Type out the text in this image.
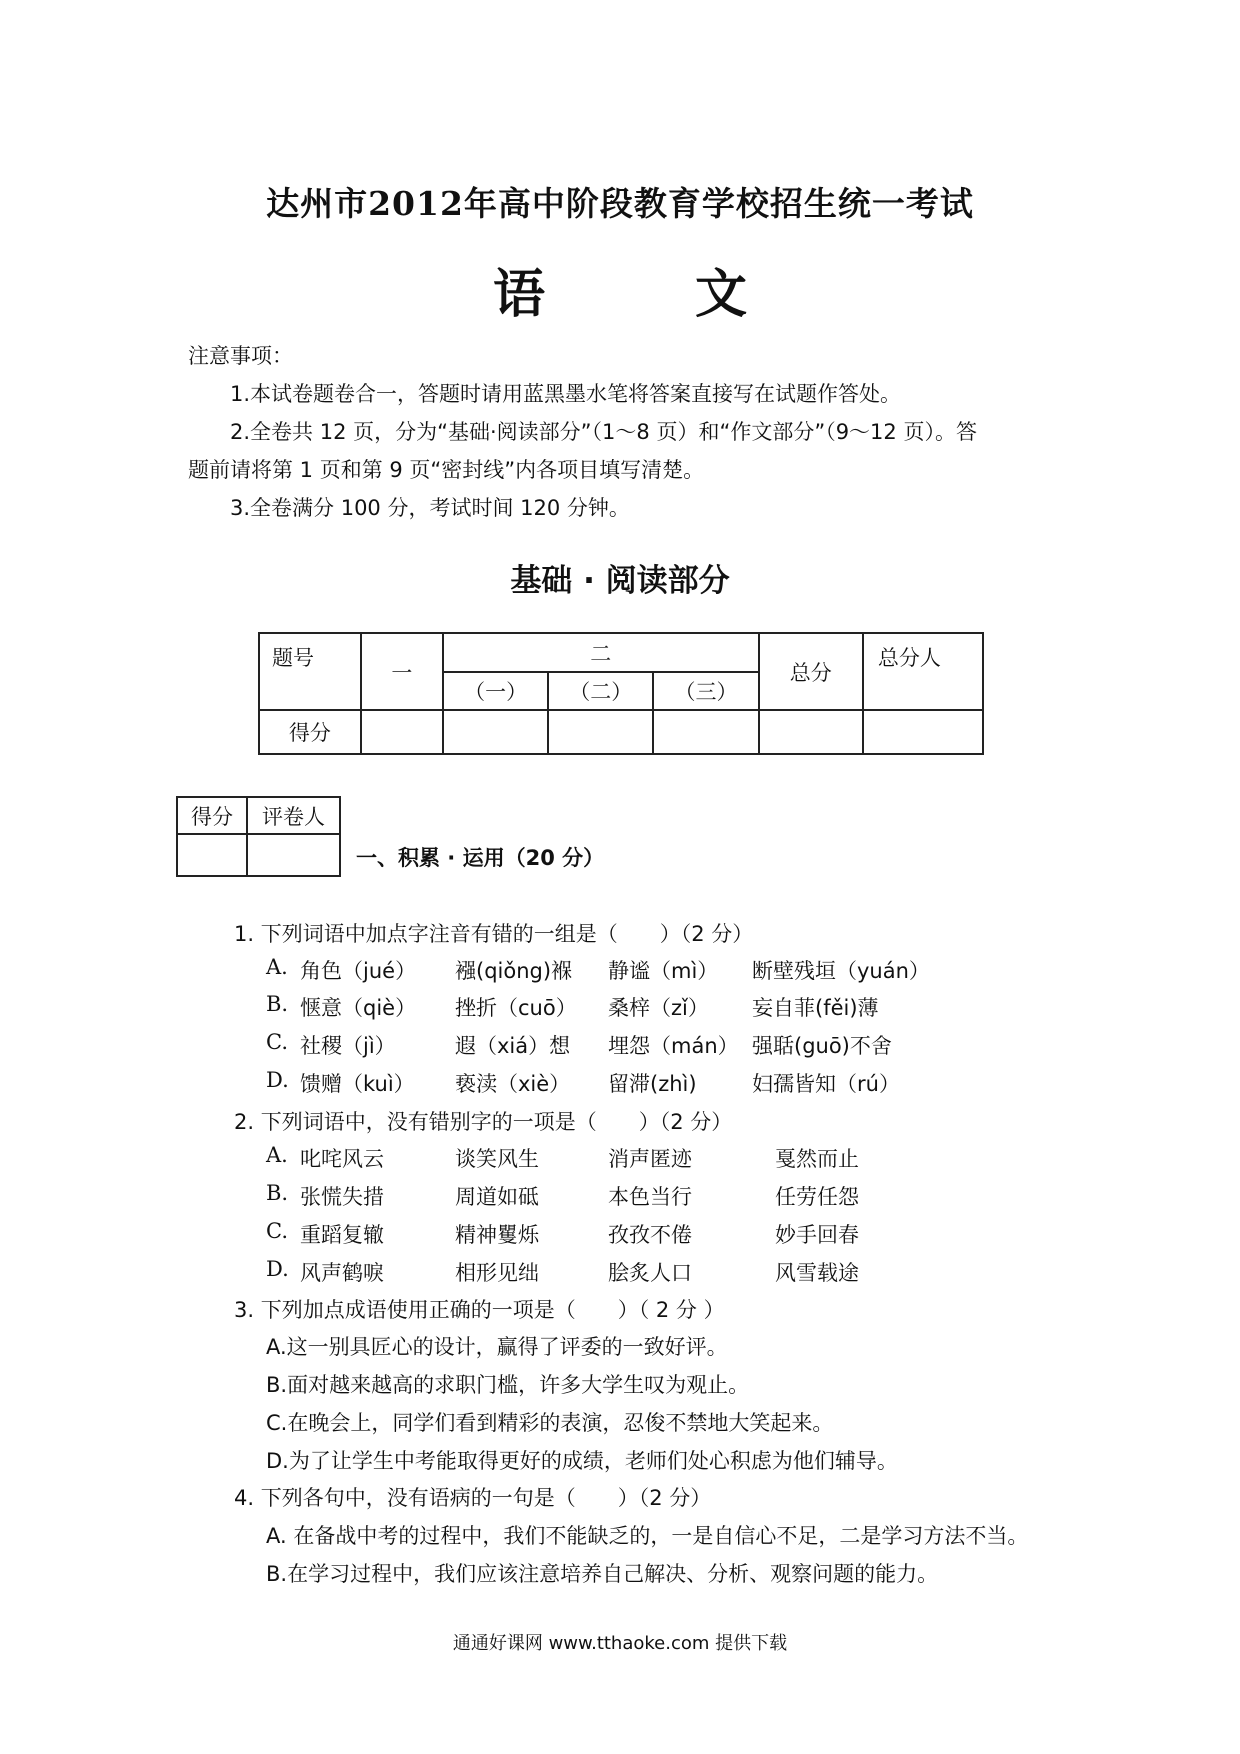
达州市2012年高中阶段教育学校招生统一考试
语	文
注意事项：
1.本试卷题卷合一，答题时请用蓝黑墨水笔将答案直接写在试题作答处。
2.全卷共 12 页，分为“基础·阅读部分”（1～8 页）和“作文部分”（9～12 页）。答
题前请将第 1 页和第 9 页“密封线”内各项目填写清楚。
3.全卷满分 100 分，考试时间 120 分钟。
基础 · 阅读部分
题号	一	二			总分	总分人
		（一）	（二）	（三）		
得分						
得分	评卷人

一、积累 · 运用（20 分）
1. 下列词语中加点字注音有错的一组是（　　）（2 分）
A. 角色（jué） 襁(qiǒng)褓 静谧（mì） 断壁残垣（yuán）
B. 惬意（qiè） 挫折（cuō） 桑梓（zǐ） 妄自菲(fěi)薄
C. 社稷（jì）	遐（xiá）想 埋怨（mán） 强聒(guō)不舍
D. 馈赠（kuì） 亵渎（xiè） 留滞(zhì)	妇孺皆知（rú）
2. 下列词语中，没有错别字的一项是（　　）（2 分）
A. 叱咤风云	谈笑风生	消声匿迹	戛然而止
B. 张慌失措	周道如砥	本色当行	任劳任怨
C. 重蹈复辙	精神矍烁	孜孜不倦	妙手回春
D. 风声鹤唳	相形见绌	脍炙人口	风雪载途
3. 下列加点成语使用正确的一项是（　　）（ 2 分 ）
A.这一别具匠心的设计，赢得了评委的一致好评。
B.面对越来越高的求职门槛，许多大学生叹为观止。
C.在晚会上，同学们看到精彩的表演，忍俊不禁地大笑起来。
D.为了让学生中考能取得更好的成绩，老师们处心积虑为他们辅导。
4. 下列各句中，没有语病的一句是（　　）（2 分）
A. 在备战中考的过程中，我们不能缺乏的，一是自信心不足，二是学习方法不当。
B.在学习过程中，我们应该注意培养自己解决、分析、观察问题的能力。
通通好课网 www.tthaoke.com 提供下载
